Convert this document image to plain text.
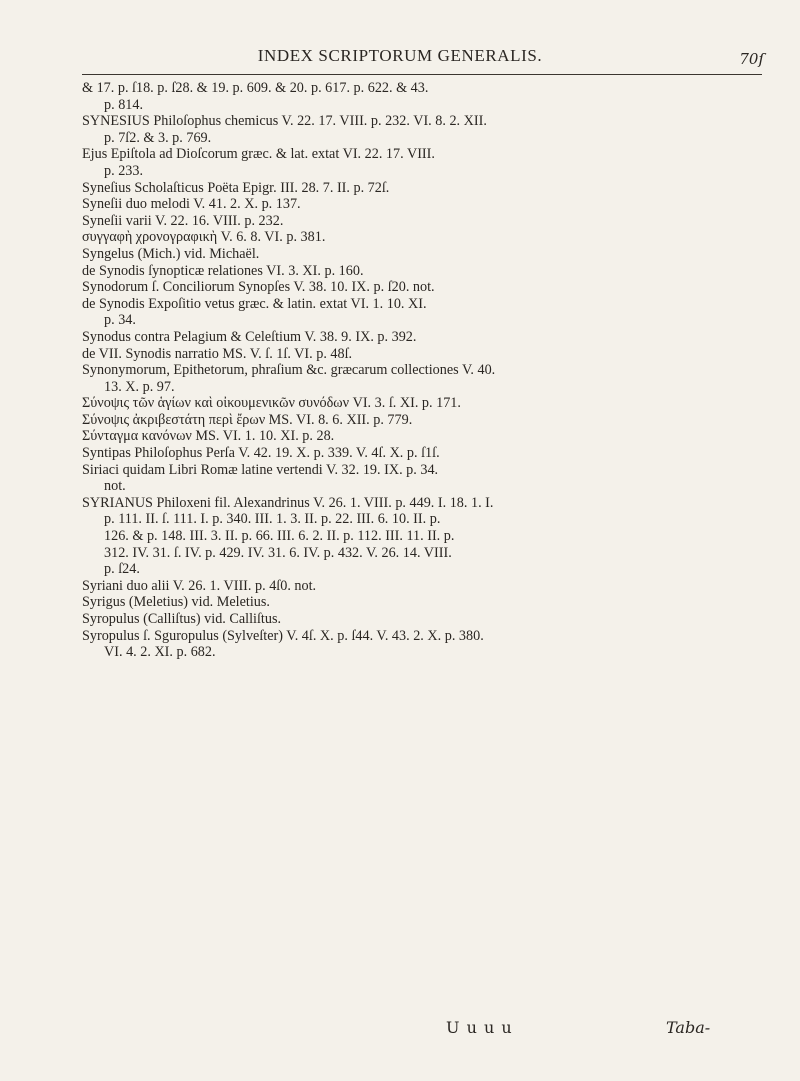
INDEX SCRIPTORUM GENERALIS.	70ſ
& 17. p. ſ18. p. ſ28. & 19. p. 609. & 20. p. 617. p. 622. & 43.
p. 814.
SYNESIUS Philoſophus chemicus V. 22. 17. VIII. p. 232. VI. 8. 2. XII.
p. 7ſ2. & 3. p. 769.
Ejus Epiſtola ad Dioſcorum græc. & lat. extat VI. 22. 17. VIII.
p. 233.
Syneſius Scholaſticus Poëta Epigr. III. 28. 7. II. p. 72ſ.
Syneſii duo melodi V. 41. 2. X. p. 137.
Syneſii varii V. 22. 16. VIII. p. 232.
συγγαφὴ χρονογραφικὴ V. 6. 8. VI. p. 381.
Syngelus (Mich.) vid. Michaël.
de Synodis ſynopticæ relationes VI. 3. XI. p. 160.
Synodorum ſ. Conciliorum Synopſes V. 38. 10. IX. p. ſ20. not.
de Synodis Expoſitio vetus græc. & latin. extat VI. 1. 10. XI.
p. 34.
Synodus contra Pelagium & Celeſtium V. 38. 9. IX. p. 392.
de VII. Synodis narratio MS. V. ſ. 1ſ. VI. p. 48ſ.
Synonymorum, Epithetorum, phraſium &c. græcarum collectiones V. 40.
13. X. p. 97.
Σύνοψις τῶν ἁγίων καὶ οἰκουμενικῶν συνόδων VI. 3. ſ. XI. p. 171.
Σύνοψις ἀκριβεστάτη περὶ ἔρων MS. VI. 8. 6. XII. p. 779.
Σύνταγμα κανόνων MS. VI. 1. 10. XI. p. 28.
Syntipas Philoſophus Perſa V. 42. 19. X. p. 339. V. 4ſ. X. p. ſ1ſ.
Siriaci quidam Libri Romæ latine vertendi V. 32. 19. IX. p. 34.
not.
SYRIANUS Philoxeni fil. Alexandrinus V. 26. 1. VIII. p. 449. I. 18. 1. I.
p. 111. II. ſ. 111. I. p. 340. III. 1. 3. II. p. 22. III. 6. 10. II. p.
126. & p. 148. III. 3. II. p. 66. III. 6. 2. II. p. 112. III. 11. II. p.
312. IV. 31. ſ. IV. p. 429. IV. 31. 6. IV. p. 432. V. 26. 14. VIII.
p. ſ24.
Syriani duo alii V. 26. 1. VIII. p. 4ſ0. not.
Syrigus (Meletius) vid. Meletius.
Syropulus (Calliſtus) vid. Calliſtus.
Syropulus ſ. Sguropulus (Sylveſter) V. 4ſ. X. p. ſ44. V. 43. 2. X. p. 380.
VI. 4. 2. XI. p. 682.
U u u u	Taba-
